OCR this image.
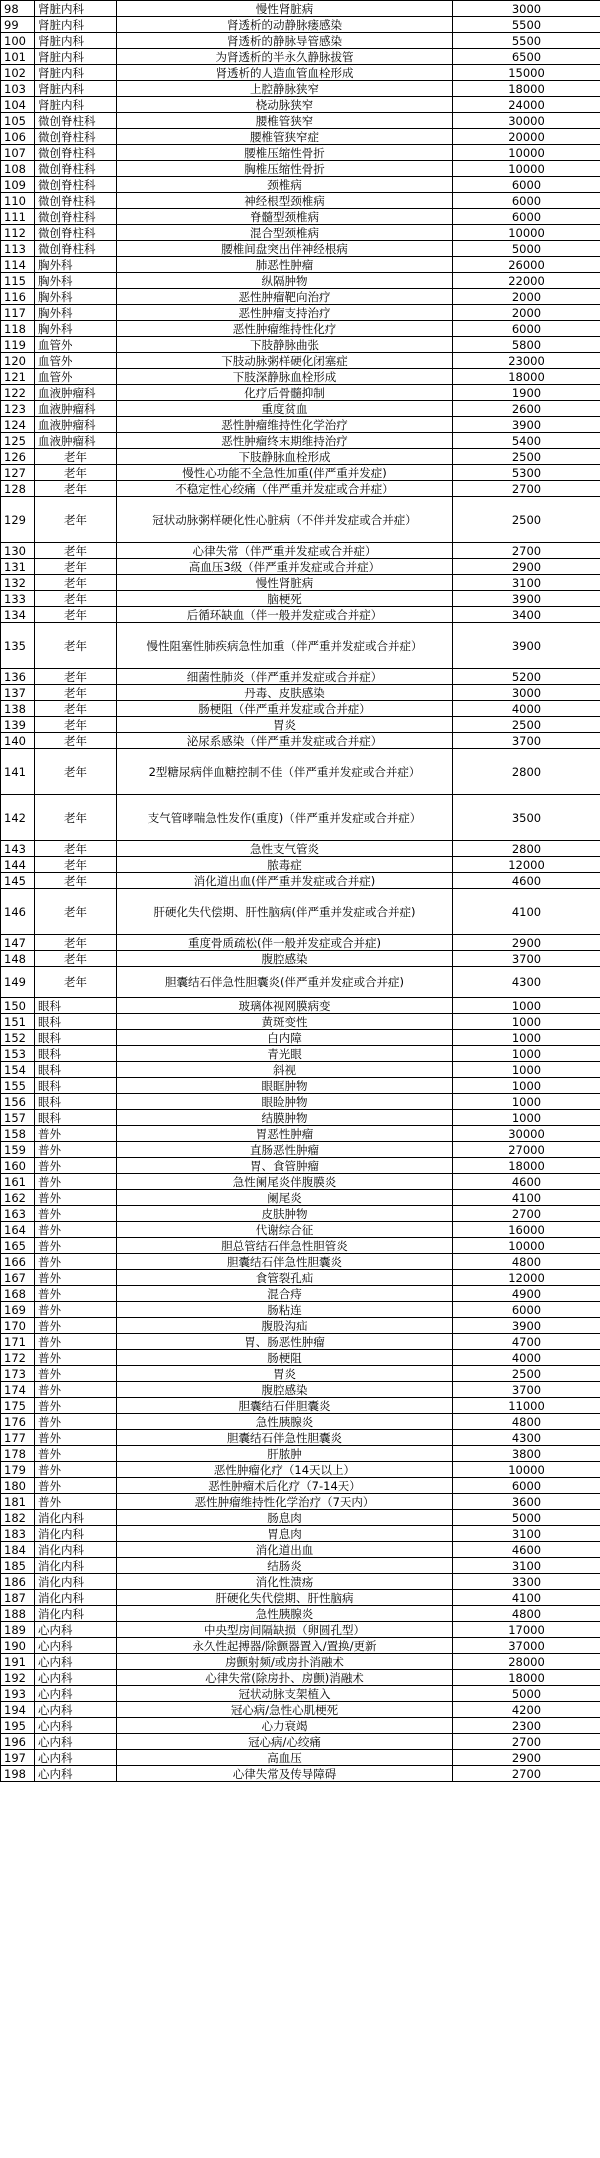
98	肾脏内科	慢性肾脏病	3000
99	肾脏内科	肾透析的动静脉瘘感染	5500
100	肾脏内科	肾透析的静脉导管感染	5500
101	肾脏内科	为肾透析的半永久静脉拔管	6500
102	肾脏内科	肾透析的人造血管血栓形成	15000
103	肾脏内科	上腔静脉狭窄	18000
104	肾脏内科	桡动脉狭窄	24000
105	微创脊柱科	腰椎管狭窄	30000
106	微创脊柱科	腰椎管狭窄症	20000
107	微创脊柱科	腰椎压缩性骨折	10000
108	微创脊柱科	胸椎压缩性骨折	10000
109	微创脊柱科	颈椎病	6000
110	微创脊柱科	神经根型颈椎病	6000
111	微创脊柱科	脊髓型颈椎病	6000
112	微创脊柱科	混合型颈椎病	10000
113	微创脊柱科	腰椎间盘突出伴神经根病	5000
114	胸外科	肺恶性肿瘤	26000
115	胸外科	纵隔肿物	22000
116	胸外科	恶性肿瘤靶向治疗	2000
117	胸外科	恶性肿瘤支持治疗	2000
118	胸外科	恶性肿瘤维持性化疗	6000
119	血管外	下肢静脉曲张	5800
120	血管外	下肢动脉粥样硬化闭塞症	23000
121	血管外	下肢深静脉血栓形成	18000
122	血液肿瘤科	化疗后骨髓抑制	1900
123	血液肿瘤科	重度贫血	2600
124	血液肿瘤科	恶性肿瘤维持性化学治疗	3900
125	血液肿瘤科	恶性肿瘤终末期维持治疗	5400
126	老年	下肢静脉血栓形成	2500
127	老年	慢性心功能不全急性加重(伴严重并发症)	5300
128	老年	不稳定性心绞痛（伴严重并发症或合并症）	2700
129	老年	冠状动脉粥样硬化性心脏病（不伴并发症或合并症）	2500
130	老年	心律失常（伴严重并发症或合并症）	2700
131	老年	高血压3级（伴严重并发症或合并症）	2900
132	老年	慢性肾脏病	3100
133	老年	脑梗死	3900
134	老年	后循环缺血（伴一般并发症或合并症）	3400
135	老年	慢性阻塞性肺疾病急性加重（伴严重并发症或合并症）	3900
136	老年	细菌性肺炎（伴严重并发症或合并症）	5200
137	老年	丹毒、皮肤感染	3000
138	老年	肠梗阻（伴严重并发症或合并症）	4000
139	老年	胃炎	2500
140	老年	泌尿系感染（伴严重并发症或合并症）	3700
141	老年	2型糖尿病伴血糖控制不佳（伴严重并发症或合并症）	2800
142	老年	支气管哮喘急性发作(重度)（伴严重并发症或合并症）	3500
143	老年	急性支气管炎	2800
144	老年	脓毒症	12000
145	老年	消化道出血(伴严重并发症或合并症)	4600
146	老年	肝硬化失代偿期、肝性脑病(伴严重并发症或合并症)	4100
147	老年	重度骨质疏松(伴一般并发症或合并症)	2900
148	老年	腹腔感染	3700
149	老年	胆囊结石伴急性胆囊炎(伴严重并发症或合并症)	4300
150	眼科	玻璃体视网膜病变	1000
151	眼科	黄斑变性	1000
152	眼科	白内障	1000
153	眼科	青光眼	1000
154	眼科	斜视	1000
155	眼科	眼眶肿物	1000
156	眼科	眼睑肿物	1000
157	眼科	结膜肿物	1000
158	普外	胃恶性肿瘤	30000
159	普外	直肠恶性肿瘤	27000
160	普外	胃、食管肿瘤	18000
161	普外	急性阑尾炎伴腹膜炎	4600
162	普外	阑尾炎	4100
163	普外	皮肤肿物	2700
164	普外	代谢综合征	16000
165	普外	胆总管结石伴急性胆管炎	10000
166	普外	胆囊结石伴急性胆囊炎	4800
167	普外	食管裂孔疝	12000
168	普外	混合痔	4900
169	普外	肠粘连	6000
170	普外	腹股沟疝	3900
171	普外	胃、肠恶性肿瘤	4700
172	普外	肠梗阻	4000
173	普外	胃炎	2500
174	普外	腹腔感染	3700
175	普外	胆囊结石伴胆囊炎	11000
176	普外	急性胰腺炎	4800
177	普外	胆囊结石伴急性胆囊炎	4300
178	普外	肝脓肿	3800
179	普外	恶性肿瘤化疗（14天以上）	10000
180	普外	恶性肿瘤术后化疗（7-14天）	6000
181	普外	恶性肿瘤维持性化学治疗（7天内）	3600
182	消化内科	肠息肉	5000
183	消化内科	胃息肉	3100
184	消化内科	消化道出血	4600
185	消化内科	结肠炎	3100
186	消化内科	消化性溃疡	3300
187	消化内科	肝硬化失代偿期、肝性脑病	4100
188	消化内科	急性胰腺炎	4800
189	心内科	中央型房间隔缺损（卵圆孔型）	17000
190	心内科	永久性起搏器/除颤器置入/置换/更新	37000
191	心内科	房颤射频/或房扑消融术	28000
192	心内科	心律失常(除房扑、房颤)消融术	18000
193	心内科	冠状动脉支架植入	5000
194	心内科	冠心病/急性心肌梗死	4200
195	心内科	心力衰竭	2300
196	心内科	冠心病/心绞痛	2700
197	心内科	高血压	2900
198	心内科	心律失常及传导障碍	2700
